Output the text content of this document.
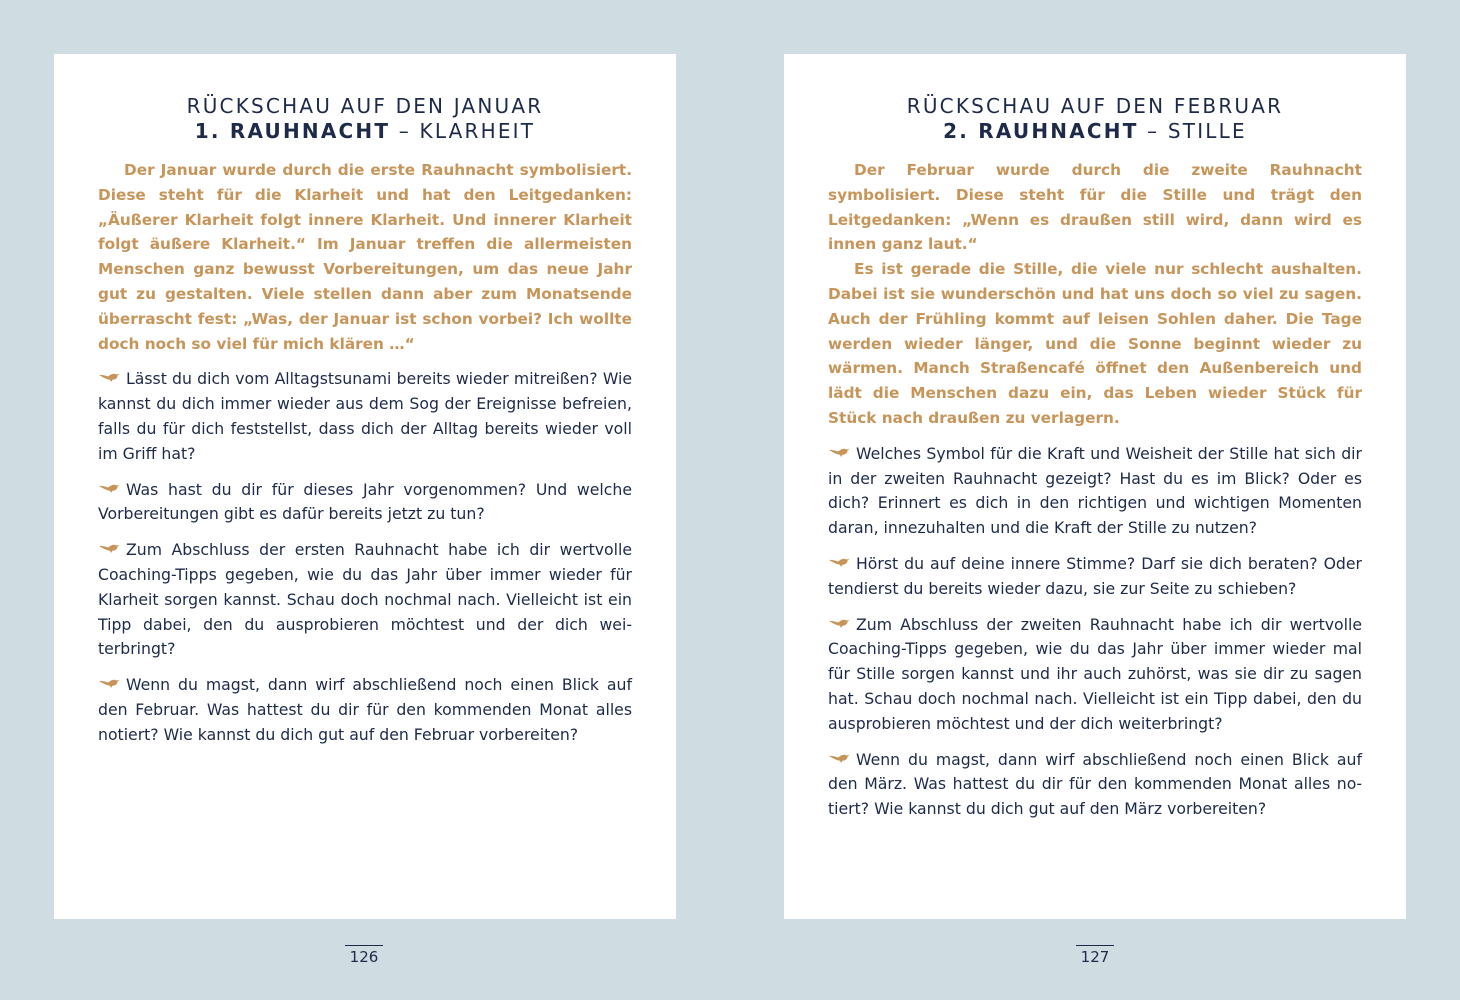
RÜCKSCHAU AUF DEN JANUAR
1. RAUHNACHT – KLARHEIT

Der Januar wurde durch die erste Rauhnacht symbolisiert. Diese steht für die Klarheit und hat den Leitgedanken: „Äußerer Klarheit folgt innere Klarheit. Und innerer Klarheit folgt äußere Klarheit.“ Im Januar treffen die allermeisten Menschen ganz bewusst Vorbereitungen, um das neue Jahr gut zu gestalten. Viele stellen dann aber zum Monatsende überrascht fest: „Was, der Januar ist schon vorbei? Ich wollte doch noch so viel für mich klären …“

Lässt du dich vom Alltagstsunami bereits wieder mitreißen? Wie kannst du dich immer wieder aus dem Sog der Ereignisse befreien, falls du für dich feststellst, dass dich der Alltag bereits wieder voll im Griff hat?
Was hast du dir für dieses Jahr vorgenommen? Und welche Vorbereitungen gibt es dafür bereits jetzt zu tun?
Zum Abschluss der ersten Rauhnacht habe ich dir wertvolle Coaching-Tipps gegeben, wie du das Jahr über immer wieder für Klarheit sorgen kannst. Schau doch nochmal nach. Vielleicht ist ein Tipp dabei, den du ausprobieren möchtest und der dich weiterbringt?
Wenn du magst, dann wirf abschließend noch einen Blick auf den Februar. Was hattest du dir für den kommenden Monat alles notiert? Wie kannst du dich gut auf den Februar vorbereiten?
RÜCKSCHAU AUF DEN FEBRUAR
2. RAUHNACHT – STILLE

Der Februar wurde durch die zweite Rauhnacht symbolisiert. Diese steht für die Stille und trägt den Leitgedanken: „Wenn es draußen still wird, dann wird es innen ganz laut.“

Es ist gerade die Stille, die viele nur schlecht aushalten. Dabei ist sie wunderschön und hat uns doch so viel zu sagen. Auch der Frühling kommt auf leisen Sohlen daher. Die Tage werden wieder länger, und die Sonne beginnt wieder zu wärmen. Manch Straßencafé öffnet den Außenbereich und lädt die Menschen dazu ein, das Leben wieder Stück für Stück nach draußen zu verlagern.

Welches Symbol für die Kraft und Weisheit der Stille hat sich dir in der zweiten Rauhnacht gezeigt? Hast du es im Blick? Oder es dich? Erinnert es dich in den richtigen und wichtigen Momenten daran, innezuhalten und die Kraft der Stille zu nutzen?
Hörst du auf deine innere Stimme? Darf sie dich beraten? Oder tendierst du bereits wieder dazu, sie zur Seite zu schieben?
Zum Abschluss der zweiten Rauhnacht habe ich dir wertvolle Coaching-Tipps gegeben, wie du das Jahr über immer wieder mal für Stille sorgen kannst und ihr auch zuhörst, was sie dir zu sagen hat. Schau doch nochmal nach. Vielleicht ist ein Tipp dabei, den du ausprobieren möchtest und der dich weiterbringt?
Wenn du magst, dann wirf abschließend noch einen Blick auf den März. Was hattest du dir für den kommenden Monat alles notiert? Wie kannst du dich gut auf den März vorbereiten?
126	127
